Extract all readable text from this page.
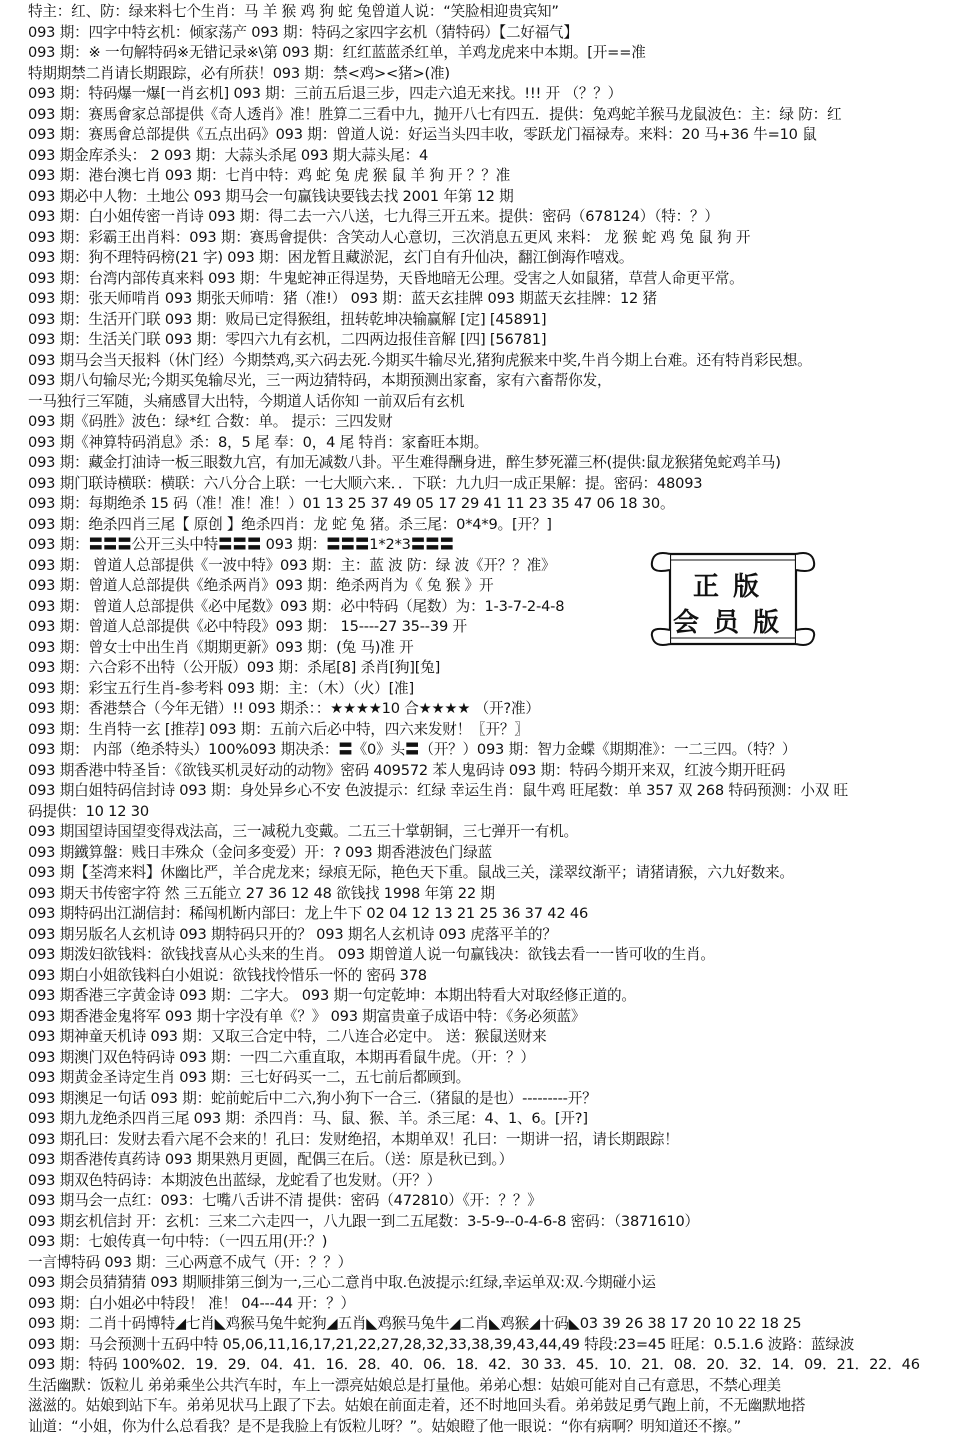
特主：红、防：绿来料七个生肖：马 羊 猴 鸡 狗 蛇 兔曾道人说：“笑脸相迎贵宾知”
093 期：四字中特玄机：倾家荡产 093 期：特码之家四字玄机（猜特码）【二好福气】
093 期：※ 一句解特码※无错记录※\第 093 期：红红蓝蓝杀红单，羊鸡龙虎来中本期。[开==准
特期期禁二肖请长期跟踪，必有所获！093 期：禁<鸡><猪>(准)
093 期：特码爆一爆[一肖玄机] 093 期：三前五后退三步，四走六追无来找。!!! 开 （？？）
093 期：赛馬會家总部提供《奇人透肖》准！胜算二三看中九，抛开八七有四五．提供：兔鸡蛇羊猴马龙鼠波色：主：绿 防：红
093 期：赛馬會总部提供《五点出码》093 期：曾道人说：好运当头四丰收，零跃龙门福禄寿。来料：20 马+36 牛=10 鼠
093 期金库杀头： 2 093 期：大蒜头杀尾 093 期大蒜头尾：4
093 期：港台澳七肖 093 期：七肖中特：鸡 蛇 兔 虎 猴 鼠 羊 狗 开 ？？准
093 期必中人物：土地公 093 期马会一句赢钱诀要钱去找 2001 年第 12 期
093 期：白小姐传密一肖诗 093 期：得二去一六八送，七九得三开五来。提供：密码（678124）（特：？）
093 期：彩霸王出肖料：093 期：赛馬會提供：含笑动人心意切，三次消息五更风 来料： 龙 猴 蛇 鸡 兔 鼠 狗 开
093 期：狗不理特码榜(21 字) 093 期：困龙暂且藏淤泥，玄门自有升仙决，翻江倒海作嘻戏。
093 期：台湾内部传真来料 093 期：牛鬼蛇神正得逞势，天昏地暗无公理。受害之人如鼠猪，草营人命更平常。
093 期：张天师啃肖 093 期张天师啃：猪（准!） 093 期：蓝天玄挂牌 093 期蓝天玄挂牌：12 猪
093 期：生活开门联 093 期：败局已定得猴组，扭转乾坤决输赢解 [定] [45891]
093 期：生活关门联 093 期：零四六九有玄机，二四两边报佳音解 [四] [56781]
093 期马会当天报料（休门经）今期禁鸡,买六码去死.今期买牛输尽光,猪狗虎猴来中奖,牛肖今期上台难。还有特肖彩民想。
093 期八句输尽光;今期买兔输尽光，三一两边猜特码，本期预测出家畜，家有六畜帮你发，
一马独行三军随，头痛感冒大出特，今期道人话你知 一前双后有玄机
093 期《码胜》波色：绿*红 合数：单。 提示：三四发财
093 期《神算特码消息》杀：8，5 尾 奉：0，4 尾 特肖：家畜旺本期。
093 期：藏金打油诗一板三眼数九宫，有加无减数八卦。平生难得酬身进，醉生梦死灌三杯(提供:鼠龙猴猪兔蛇鸡羊马)
093 期门联诗横联：横联：六八分合上联：一七大顺六来．．下联：九九归一成正果解：提。密码：48093
093 期：每期绝杀 15 码（准！准！准！）01 13 25 37 49 05 17 29 41 11 23 35 47 06 18 30。
093 期：绝杀四肖三尾【 原创 】绝杀四肖：龙 蛇 兔 猪。杀三尾：0*4*9。[开？]
093 期：〓〓〓公开三头中特〓〓〓 093 期：〓〓〓1*2*3〓〓〓
093 期： 曾道人总部提供《一波中特》093 期：主：蓝 波 防：绿 波《开？？准》
093 期：曾道人总部提供《绝杀两肖》093 期：绝杀两肖为《 兔 猴 》开
093 期： 曾道人总部提供《必中尾数》093 期：必中特码（尾数）为：1-3-7-2-4-8
093 期：曾道人总部提供《必中特段》093 期： 15----27 35--39 开
093 期：曾女士中出生肖《期期更新》093 期：(兔 马)准 开
093 期：六合彩不出特（公开版）093 期：杀尾[8] 杀肖[狗][兔]
093 期：彩宝五行生肖-参考料 093 期：主：（木）（火）[准]
093 期：香港禁合（今年无错）!! 093 期杀：：★★★★10 合★★★★ （开?准）
093 期：生肖特一玄 [推荐] 093 期：五前六后必中特，四六来发财！〖开？〗
093 期： 内部（绝杀特头）100%093 期决杀：〓《0》头〓（开？）093 期：智力金蝶《期期准》：一二三四。（特？）
093 期香港中特圣旨：《欲钱买机灵好动的动物》密码 409572 苯人鬼码诗 093 期：特码今期开来双，红波今期开旺码
093 期白姐特码信封诗 093 期：身处异乡心不安 色波提示：红绿 幸运生肖：鼠牛鸡 旺尾数：单 357 双 268 特码预测：小双 旺
码提供：10 12 30
093 期国望诗国望变得戏法高，三一减税九变戴。二五三十掌朝铜，三七弹开一有机。
093 期鐵算盤：贱日丰殊众（金问多变爱）开：? 093 期香港波色门绿蓝
093 期【荃湾来料】休幽比严，羊合虎龙来；绿痕无际，艳色天下重。鼠战三关，漾翠纹渐平；请猪请猴，六九好数来。
093 期天书传密字符 然 三五能立 27 36 12 48 欲钱找 1998 年第 22 期
093 期特码出江湖信封：稀闯机断内部曰：龙上牛下 02 04 12 13 21 25 36 37 42 46
093 期另版名人玄机诗 093 期特码只开的？ 093 期名人玄机诗 093 虎落平羊的？
093 期泼妇欲钱料：欲钱找喜从心头来的生肖。 093 期曾道人说一句赢钱决：欲钱去看一一皆可收的生肖。
093 期白小姐欲钱料白小姐说：欲钱找怜惜乐一怀的 密码 378
093 期香港三字黄金诗 093 期：二字大。 093 期一句定乾坤：本期出特看大对取经修正道的。
093 期香港金鬼将军 093 期十字没有单《？》 093 期富贵童子成语中特：《务必须蓝》
093 期神童天机诗 093 期：又取三合定中特，二八连合必定中。 送：猴鼠送财来
093 期澳门双色特码诗 093 期：一四二六重直取，本期再看鼠牛虎。（开：？）
093 期黄金圣诗定生肖 093 期：三七好码买一二，五七前后都顾到。
093 期澳足一句话 093 期：蛇前蛇后中二六,狗小狗下一合三.（猪鼠的是也）---------开？
093 期九龙绝杀四肖三尾 093 期：杀四肖：马、鼠、猴、羊。杀三尾：4、1、6。[开?]
093 期孔曰：发财去看六尾不会来的！孔曰：发财绝招，本期单双！孔曰：一期讲一招，请长期跟踪！
093 期香港传真药诗 093 期果熟月更圆，配偶三在后。（送：原是秋已到。）
093 期双色特码诗：本期波色出蓝绿，龙蛇看了也发财。（开？）
093 期马会一点红：093：七嘴八舌讲不清 提供：密码（472810）《开：？？》
093 期玄机信封 开：玄机：三来二六走四一，八九跟一到二五尾数：3-5-9--0-4-6-8 密码：（3871610）
093 期：七娘传真一句中特：（一四五用(开:？)
一言博特码 093 期：三心两意不成气（开：？？）
093 期会员猜猜猜 093 期顺排第三倒为一,三心二意肖中取.色波提示:红绿,幸运单双:双.今期碰小运
093 期：白小姐必中特段！ 准！ 04---44 开：？）
093 期：二肖十码博特◢七肖◣鸡猴马兔牛蛇狗◢五肖◣鸡猴马兔牛◢二肖◣鸡猴◢十码◣03 39 26 38 17 20 10 22 18 25
093 期：马会预测十五码中特 05,06,11,16,17,21,22,27,28,32,33,38,39,43,44,49 特段:23=45 旺尾：0.5.1.6 波路：蓝绿波
093 期：特码 100%02．19．29．04．41．16．28．40．06．18．42．30 33．45．10．21．08．20．32．14．09．21．22．46
生活幽默：饭粒儿 弟弟乘坐公共汽车时，车上一漂亮姑娘总是打量他。弟弟心想：姑娘可能对自己有意思，不禁心理美
滋滋的。姑娘到站下车。弟弟见状马上跟了下去。姑娘在前面走着，还不时地回头看。弟弟鼓足勇气跑上前，不无幽默地搭
讪道：“小姐，你为什么总看我？是不是我脸上有饭粒儿呀？”。姑娘瞪了他一眼说：“你有病啊？明知道还不擦。”
正版
会员版
